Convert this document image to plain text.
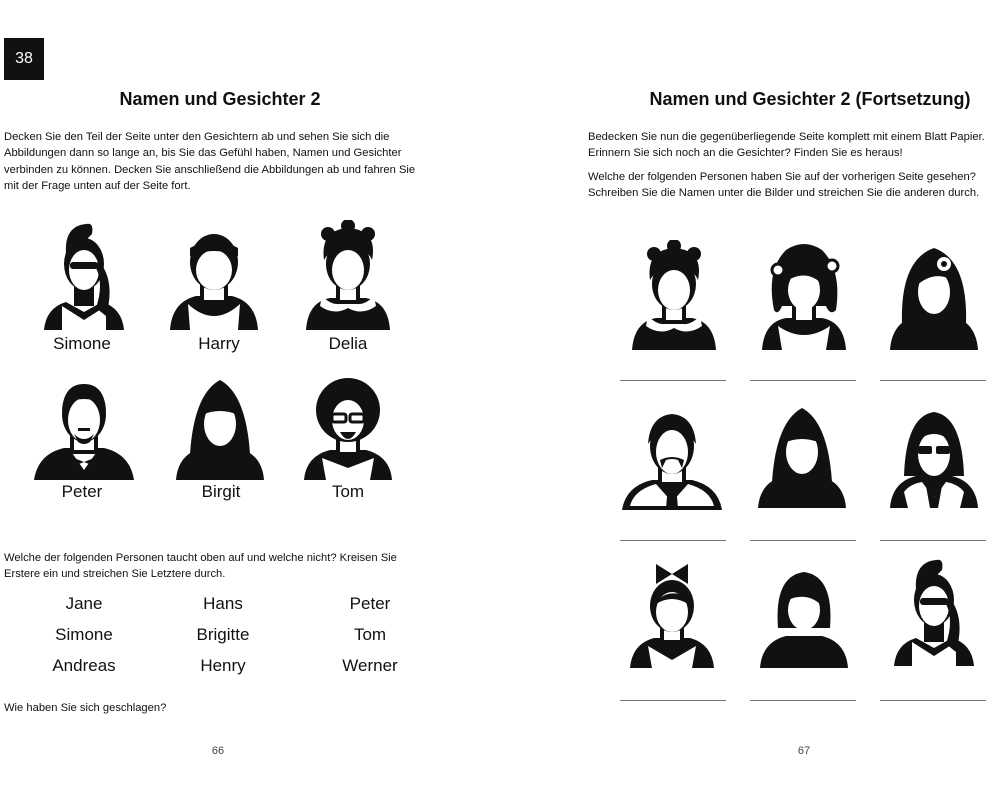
38
Namen und Gesichter 2
Decken Sie den Teil der Seite unter den Gesichtern ab und sehen Sie sich die
Abbildungen dann so lange an, bis Sie das Gefühl haben, Namen und Gesichter
verbinden zu können. Decken Sie anschließend die Abbildungen ab und fahren Sie
mit der Frage unten auf der Seite fort.
Simone	Harry	Delia
Peter	Birgit	Tom
Welche der folgenden Personen taucht oben auf und welche nicht? Kreisen Sie
Erstere ein und streichen Sie Letztere durch.
Jane	Hans	Peter
Simone	Brigitte	Tom
Andreas	Henry	Werner
Wie haben Sie sich geschlagen?
66
Namen und Gesichter 2 (Fortsetzung)
Bedecken Sie nun die gegenüberliegende Seite komplett mit einem Blatt Papier.
Erinnern Sie sich noch an die Gesichter? Finden Sie es heraus!
Welche der folgenden Personen haben Sie auf der vorherigen Seite gesehen?
Schreiben Sie die Namen unter die Bilder und streichen Sie die anderen durch.
67
